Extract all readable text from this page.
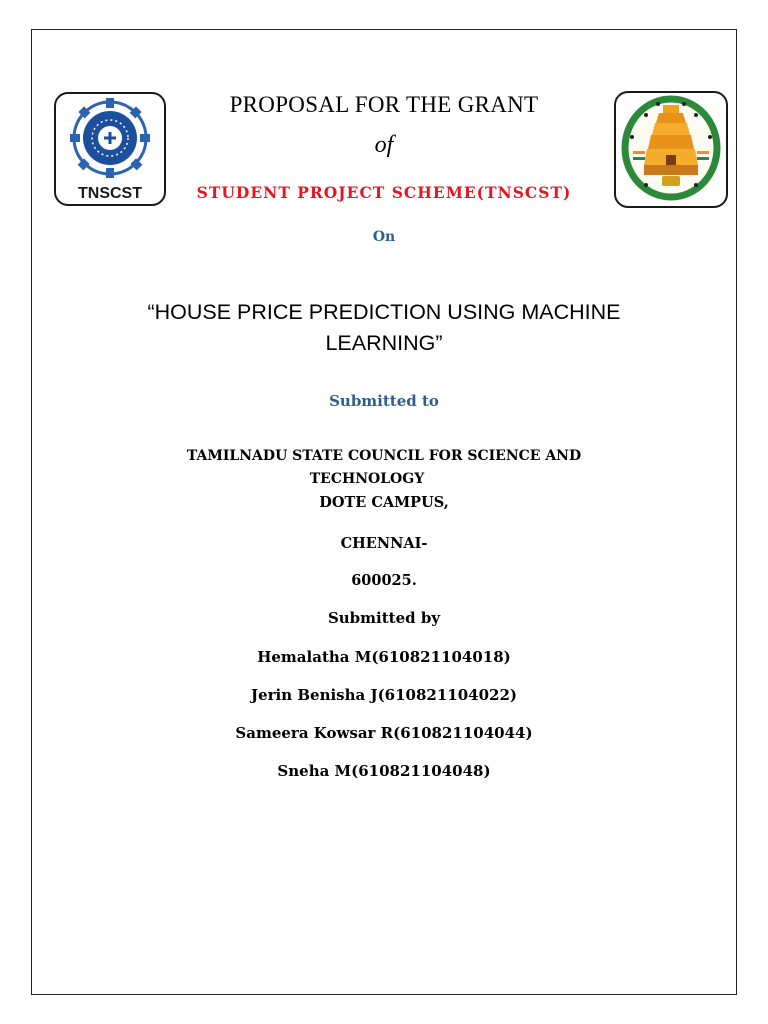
TNSCST
PROPOSAL FOR THE GRANT
of
STUDENT PROJECT SCHEME(TNSCST)
On
“HOUSE PRICE PREDICTION USING MACHINE
LEARNING”
Submitted to
TAMILNADU STATE COUNCIL FOR SCIENCE AND
TECHNOLOGY
DOTE CAMPUS,
CHENNAI-
600025.
Submitted by
Hemalatha M(610821104018)
Jerin Benisha J(610821104022)
Sameera Kowsar R(610821104044)
Sneha M(610821104048)
